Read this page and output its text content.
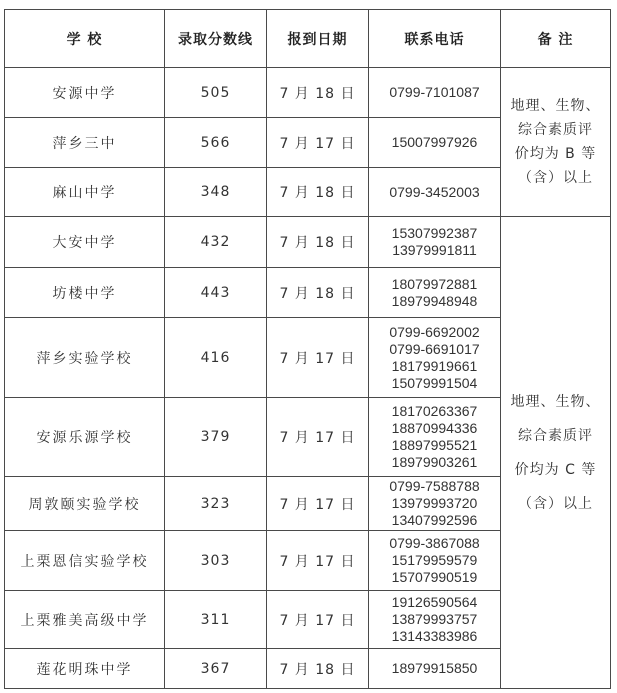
学 校	录取分数线	报到日期	联系电话	备 注
安源中学	505	7 月 18 日	0799-7101087	地理、生物、
综合素质评
价均为 B 等
（含）以上

萍乡三中	566	7 月 17 日	15007997926	

麻山中学	348	7 月 18 日	0799-3452003	

大安中学	432	7 月 18 日	15307992387
13979991811	地理、生物、
综合素质评
价均为 C 等
（含）以上

坊楼中学	443	7 月 18 日	18079972881
18979948948	

萍乡实验学校	416	7 月 17 日	0799-6692002
0799-6691017
18179919661
15079991504	

安源乐源学校	379	7 月 17 日	18170263367
18870994336
18897995521
18979903261	

周敦颐实验学校	323	7 月 17 日	0799-7588788
13979993720
13407992596	

上栗恩信实验学校	303	7 月 17 日	0799-3867088
15179959579
15707990519	

上栗雅美高级中学	311	7 月 17 日	19126590564
13879993757
13143383986	

莲花明珠中学	367	7 月 18 日	18979915850	
